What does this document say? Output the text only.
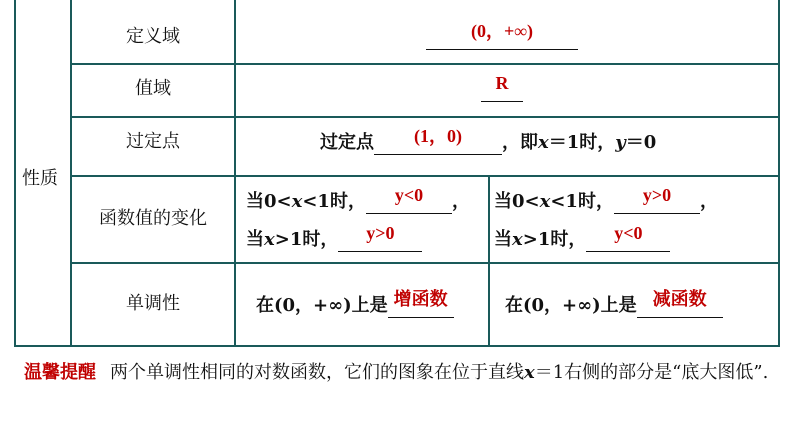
性质
定义域
值域
过定点
函数值的变化
单调性
(0，+∞)
R
过定点 (1，0) ，即x＝1时，y＝0
当0<x<1时， y<0 ，
当x>1时， y>0
当0<x<1时， y>0 ，
当x>1时， y<0
在(0，+∞)上是 增函数	在(0，+∞)上是 减函数
温馨提醒 两个单调性相同的对数函数，它们的图象在位于直线x＝1右侧的部分是“底大图低”.
